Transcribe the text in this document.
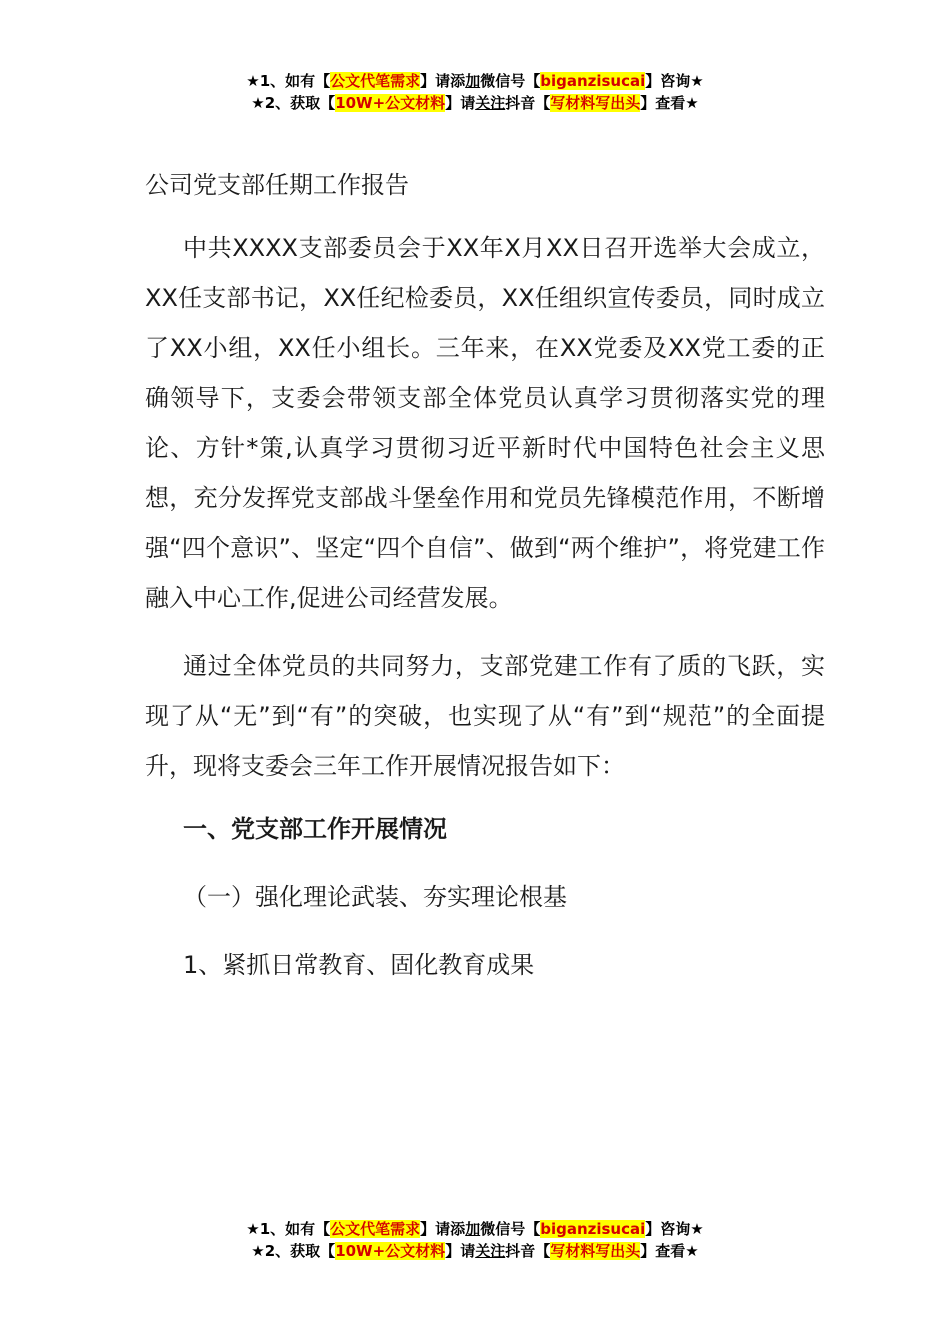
★1、如有【公文代笔需求】请添加微信号【biganzisucai】咨询★
★2、获取【10W+公文材料】请关注抖音【写材料写出头】查看★
公司党支部任期工作报告

中共XXXX支部委员会于XX年X月XX日召开选举大会成立，XX任支部书记，XX任纪检委员，XX任组织宣传委员，同时成立了XX小组，XX任小组长。三年来，在XX党委及XX党工委的正确领导下，支委会带领支部全体党员认真学习贯彻落实党的理论、方针*策,认真学习贯彻习近平新时代中国特色社会主义思想，充分发挥党支部战斗堡垒作用和党员先锋模范作用，不断增强“四个意识”、坚定“四个自信”、做到“两个维护”，将党建工作融入中心工作,促进公司经营发展。

通过全体党员的共同努力，支部党建工作有了质的飞跃，实现了从“无”到“有”的突破，也实现了从“有”到“规范”的全面提升，现将支委会三年工作开展情况报告如下：

一、党支部工作开展情况
（一）强化理论武装、夯实理论根基
1、紧抓日常教育、固化教育成果
★1、如有【公文代笔需求】请添加微信号【biganzisucai】咨询★
★2、获取【10W+公文材料】请关注抖音【写材料写出头】查看★
